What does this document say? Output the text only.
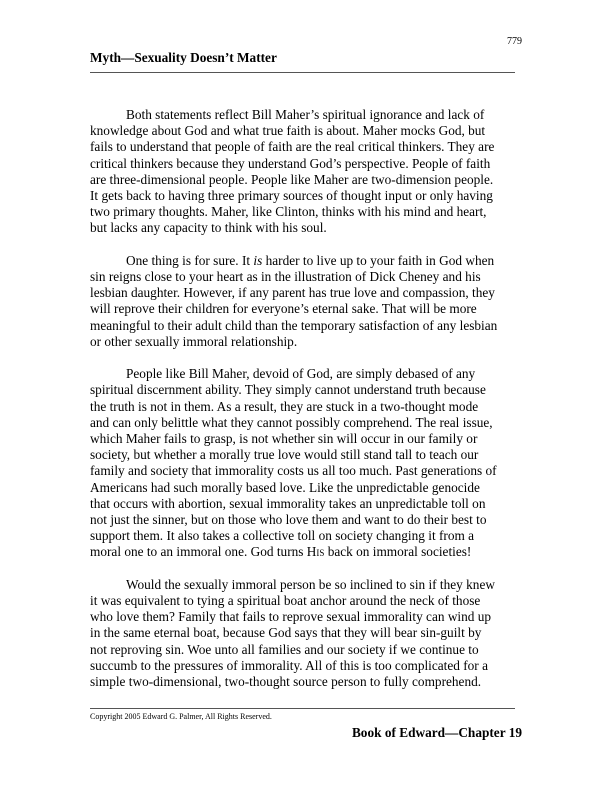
779
Myth—Sexuality Doesn’t Matter

Both statements reflect Bill Maher’s spiritual ignorance and lack of
knowledge about God and what true faith is about. Maher mocks God, but
fails to understand that people of faith are the real critical thinkers. They are
critical thinkers because they understand God’s perspective. People of faith
are three-dimensional people. People like Maher are two-dimension people.
It gets back to having three primary sources of thought input or only having
two primary thoughts. Maher, like Clinton, thinks with his mind and heart,
but lacks any capacity to think with his soul.

One thing is for sure. It is harder to live up to your faith in God when
sin reigns close to your heart as in the illustration of Dick Cheney and his
lesbian daughter. However, if any parent has true love and compassion, they
will reprove their children for everyone’s eternal sake. That will be more
meaningful to their adult child than the temporary satisfaction of any lesbian
or other sexually immoral relationship.

People like Bill Maher, devoid of God, are simply debased of any
spiritual discernment ability. They simply cannot understand truth because
the truth is not in them. As a result, they are stuck in a two-thought mode
and can only belittle what they cannot possibly comprehend. The real issue,
which Maher fails to grasp, is not whether sin will occur in our family or
society, but whether a morally true love would still stand tall to teach our
family and society that immorality costs us all too much. Past generations of
Americans had such morally based love. Like the unpredictable genocide
that occurs with abortion, sexual immorality takes an unpredictable toll on
not just the sinner, but on those who love them and want to do their best to
support them. It also takes a collective toll on society changing it from a
moral one to an immoral one. God turns His back on immoral societies!

Would the sexually immoral person be so inclined to sin if they knew
it was equivalent to tying a spiritual boat anchor around the neck of those
who love them? Family that fails to reprove sexual immorality can wind up
in the same eternal boat, because God says that they will bear sin-guilt by
not reproving sin. Woe unto all families and our society if we continue to
succumb to the pressures of immorality. All of this is too complicated for a
simple two-dimensional, two-thought source person to fully comprehend.

Copyright 2005 Edward G. Palmer, All Rights Reserved.
Book of Edward—Chapter 19
